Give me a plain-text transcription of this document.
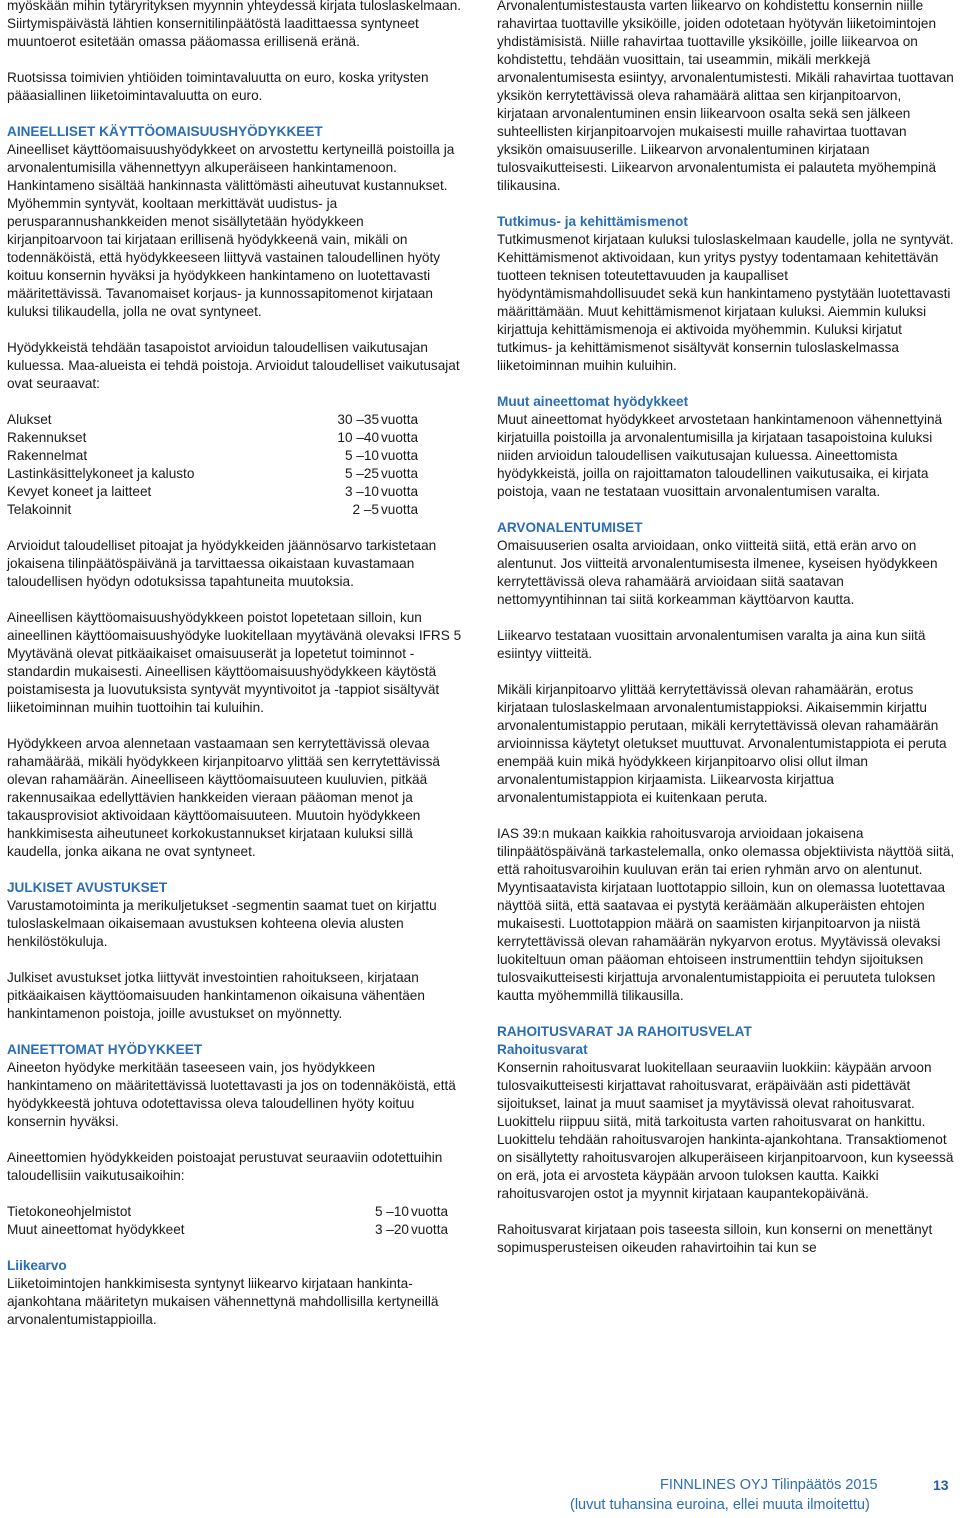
myöskään mihin tytäryrityksen myynnin yhteydessä kirjata tuloslaskelmaan. Siirtymispäivästä lähtien konsernitilinpäätöstä laadittaessa syntyneet muuntoerot esitetään omassa pääomassa erillisenä eränä.

Ruotsissa toimivien yhtiöiden toimintavaluutta on euro, koska yritysten pääasiallinen liiketoimintavaluutta on euro.

AINEELLISET KÄYTTÖOMAISUUSHYÖDYKKEET

Aineelliset käyttöomaisuushyödykkeet on arvostettu kertyneillä poistoilla ja arvonalentumisilla vähennettyyn alkuperäiseen hankintamenoon. Hankintameno sisältää hankinnasta välittömästi aiheutuvat kustannukset. Myöhemmin syntyvät, kooltaan merkittävät uudistus- ja perusparannushankkeiden menot sisällytetään hyödykkeen kirjanpitoarvoon tai kirjataan erillisenä hyödykkeenä vain, mikäli on todennäköistä, että hyödykkeeseen liittyvä vastainen taloudellinen hyöty koituu konsernin hyväksi ja hyödykkeen hankintameno on luotettavasti määritettävissä. Tavanomaiset korjaus- ja kunnossapitomenot kirjataan kuluksi tilikaudella, jolla ne ovat syntyneet.

Hyödykkeistä tehdään tasapoistot arvioidun taloudellisen vaikutusajan kuluessa. Maa-alueista ei tehdä poistoja. Arvioidut taloudelliset vaikutusajat ovat seuraavat:

Alukset	30 –35	vuotta
Rakennukset	10 –40	vuotta
Rakennelmat	5 –10	vuotta
Lastinkäsittelykoneet ja kalusto	5 –25	vuotta
Kevyet koneet ja laitteet	3 –10	vuotta
Telakoinnit	2 –5	vuotta

Arvioidut taloudelliset pitoajat ja hyödykkeiden jäännösarvo tarkistetaan jokaisena tilinpäätöspäivänä ja tarvittaessa oikaistaan kuvastamaan taloudellisen hyödyn odotuksissa tapahtuneita muutoksia.

Aineellisen käyttöomaisuushyödykkeen poistot lopetetaan silloin, kun aineellinen käyttöomaisuushyödyke luokitellaan myytävänä olevaksi IFRS 5 Myytävänä olevat pitkäaikaiset omaisuuserät ja lopetetut toiminnot -standardin mukaisesti. Aineellisen käyttöomaisuushyödykkeen käytöstä poistamisesta ja luovutuksista syntyvät myyntivoitot ja -tappiot sisältyvät liiketoiminnan muihin tuottoihin tai kuluihin.

Hyödykkeen arvoa alennetaan vastaamaan sen kerrytettävissä olevaa rahamäärää, mikäli hyödykkeen kirjanpitoarvo ylittää sen kerrytettävissä olevan rahamäärän. Aineelliseen käyttöomaisuuteen kuuluvien, pitkää rakennusaikaa edellyttävien hankkeiden vieraan pääoman menot ja takausprovisiot aktivoidaan käyttöomaisuuteen. Muutoin hyödykkeen hankkimisesta aiheutuneet korkokustannukset kirjataan kuluksi sillä kaudella, jonka aikana ne ovat syntyneet.

JULKISET AVUSTUKSET

Varustamotoiminta ja merikuljetukset -segmentin saamat tuet on kirjattu tuloslaskelmaan oikaisemaan avustuksen kohteena olevia alusten henkilöstökuluja.

Julkiset avustukset jotka liittyvät investointien rahoitukseen, kirjataan pitkäaikaisen käyttöomaisuuden hankintamenon oikaisuna vähentäen hankintamenon poistoja, joille avustukset on myönnetty.

AINEETTOMAT HYÖDYKKEET

Aineeton hyödyke merkitään taseeseen vain, jos hyödykkeen hankintameno on määritettävissä luotettavasti ja jos on todennäköistä, että hyödykkeestä johtuva odotettavissa oleva taloudellinen hyöty koituu konsernin hyväksi.

Aineettomien hyödykkeiden poistoajat perustuvat seuraaviin odotettuihin taloudellisiin vaikutusaikoihin:

Tietokoneohjelmistot	5 –10	vuotta
Muut aineettomat hyödykkeet	3 –20	vuotta
Liikearvo

Liiketoimintojen hankkimisesta syntynyt liikearvo kirjataan hankinta-ajankohtana määritetyn mukaisen vähennettynä mahdollisilla kertyneillä arvonalentumistappioilla.

Arvonalentumistestausta varten liikearvo on kohdistettu konsernin niille rahavirtaa tuottaville yksiköille, joiden odotetaan hyötyvän liiketoimintojen yhdistämisistä. Niille rahavirtaa tuottaville yksiköille, joille liikearvoa on kohdistettu, tehdään vuosittain, tai useammin, mikäli merkkejä arvonalentumisesta esiintyy, arvonalentumistesti. Mikäli rahavirtaa tuottavan yksikön kerrytettävissä oleva rahamäärä alittaa sen kirjanpitoarvon, kirjataan arvonalentuminen ensin liikearvoon osalta sekä sen jälkeen suhteellisten kirjanpitoarvojen mukaisesti muille rahavirtaa tuottavan yksikön omaisuuserille. Liikearvon arvonalentuminen kirjataan tulosvaikutteisesti. Liikearvon arvonalentumista ei palauteta myöhempinä tilikausina.

Tutkimus- ja kehittämismenot

Tutkimusmenot kirjataan kuluksi tuloslaskelmaan kaudelle, jolla ne syntyvät. Kehittämismenot aktivoidaan, kun yritys pystyy todentamaan kehitettävän tuotteen teknisen toteutettavuuden ja kaupalliset hyödyntämismahdollisuudet sekä kun hankintameno pystytään luotettavasti määrittämään. Muut kehittämismenot kirjataan kuluksi. Aiemmin kuluksi kirjattuja kehittämismenoja ei aktivoida myöhemmin. Kuluksi kirjatut tutkimus- ja kehittämismenot sisältyvät konsernin tuloslaskelmassa liiketoiminnan muihin kuluihin.

Muut aineettomat hyödykkeet

Muut aineettomat hyödykkeet arvostetaan hankintamenoon vähennettyinä kirjatuilla poistoilla ja arvonalentumisilla ja kirjataan tasapoistoina kuluksi niiden arvioidun taloudellisen vaikutusajan kuluessa. Aineettomista hyödykkeistä, joilla on rajoittamaton taloudellinen vaikutusaika, ei kirjata poistoja, vaan ne testataan vuosittain arvonalentumisen varalta.

ARVONALENTUMISET

Omaisuuserien osalta arvioidaan, onko viitteitä siitä, että erän arvo on alentunut. Jos viitteitä arvonalentumisesta ilmenee, kyseisen hyödykkeen kerrytettävissä oleva rahamäärä arvioidaan siitä saatavan nettomyyntihinnan tai siitä korkeamman käyttöarvon kautta.

Liikearvo testataan vuosittain arvonalentumisen varalta ja aina kun siitä esiintyy viitteitä.

Mikäli kirjanpitoarvo ylittää kerrytettävissä olevan rahamäärän, erotus kirjataan tuloslaskelmaan arvonalentumistappioksi. Aikaisemmin kirjattu arvonalentumistappio perutaan, mikäli kerrytettävissä olevan rahamäärän arvioinnissa käytetyt oletukset muuttuvat. Arvonalentumistappiota ei peruta enempää kuin mikä hyödykkeen kirjanpitoarvo olisi ollut ilman arvonalentumistappion kirjaamista. Liikearvosta kirjattua arvonalentumistappiota ei kuitenkaan peruta.

IAS 39:n mukaan kaikkia rahoitusvaroja arvioidaan jokaisena tilinpäätöspäivänä tarkastelemalla, onko olemassa objektiivista näyttöä siitä, että rahoitusvaroihin kuuluvan erän tai erien ryhmän arvo on alentunut. Myyntisaatavista kirjataan luottotappio silloin, kun on olemassa luotettavaa näyttöä siitä, että saatavaa ei pystytä keräämään alkuperäisten ehtojen mukaisesti. Luottotappion määrä on saamisten kirjanpitoarvon ja niistä kerrytettävissä olevan rahamäärän nykyarvon erotus. Myytävissä olevaksi luokiteltuun oman pääoman ehtoiseen instrumenttiin tehdyn sijoituksen tulosvaikutteisesti kirjattuja arvonalentumistappioita ei peruuteta tuloksen kautta myöhemmillä tilikausilla.

RAHOITUSVARAT JA RAHOITUSVELAT
Rahoitusvarat

Konsernin rahoitusvarat luokitellaan seuraaviin luokkiin: käypään arvoon tulosvaikutteisesti kirjattavat rahoitusvarat, eräpäivään asti pidettävät sijoitukset, lainat ja muut saamiset ja myytävissä olevat rahoitusvarat. Luokittelu riippuu siitä, mitä tarkoitusta varten rahoitusvarat on hankittu. Luokittelu tehdään rahoitusvarojen hankinta-ajankohtana. Transaktiomenot on sisällytetty rahoitusvarojen alkuperäiseen kirjanpitoarvoon, kun kyseessä on erä, jota ei arvosteta käypään arvoon tuloksen kautta. Kaikki rahoitusvarojen ostot ja myynnit kirjataan kaupantekopäivänä.

Rahoitusvarat kirjataan pois taseesta silloin, kun konserni on menettänyt sopimusperusteisen oikeuden rahavirtoihin tai kun se

FINNLINES OYJ Tilinpäätös 2015	13
(luvut tuhansina euroina, ellei muuta ilmoitettu)
